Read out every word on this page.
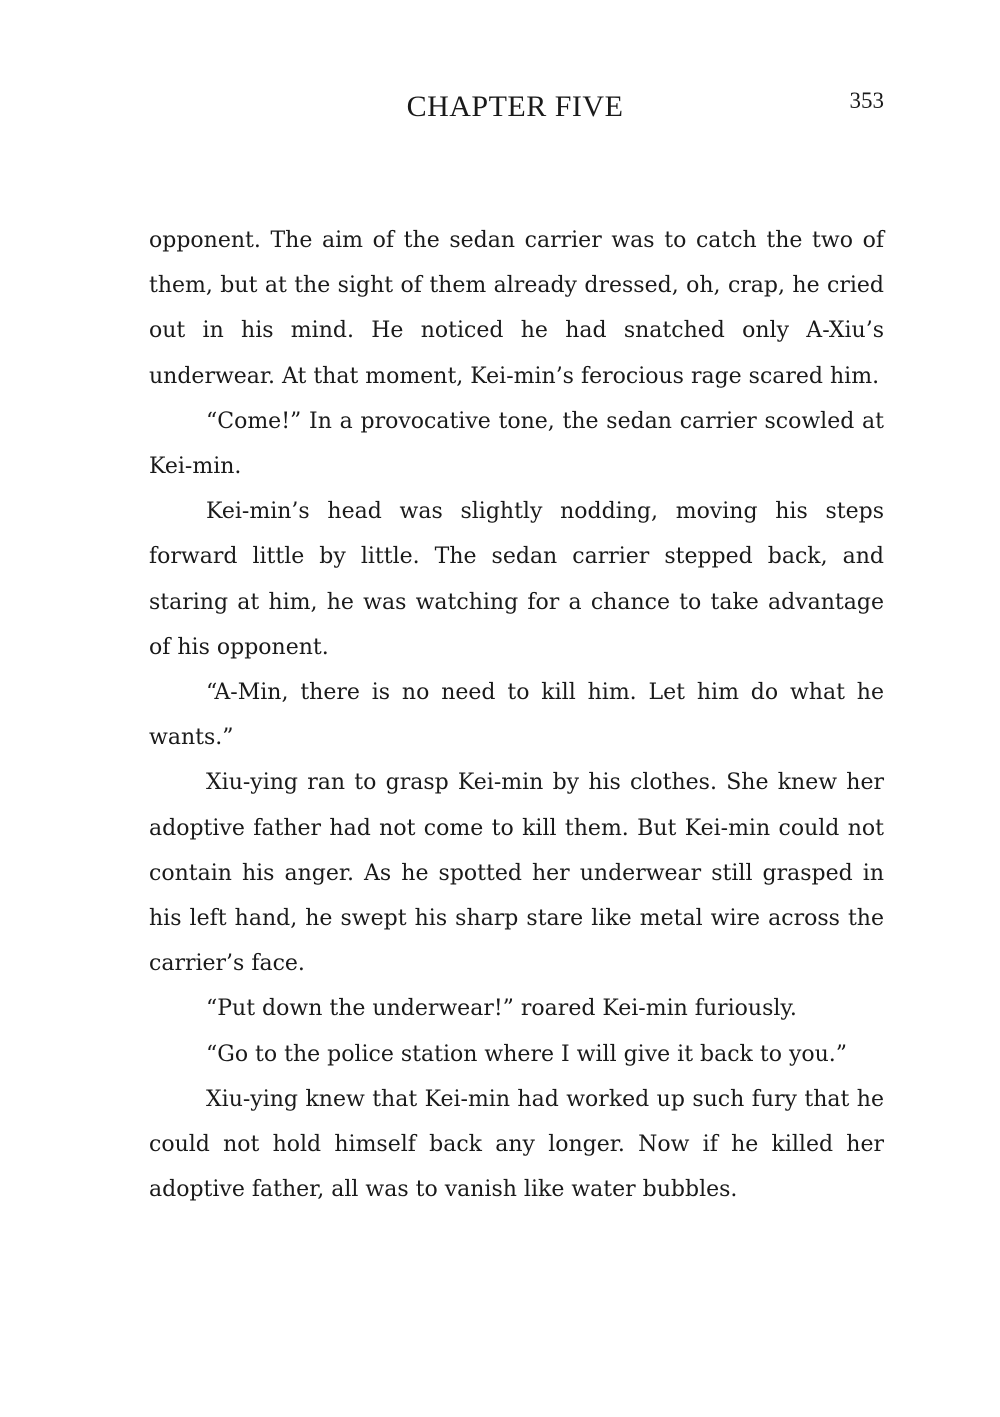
CHAPTER FIVE	353

opponent. The aim of the sedan carrier was to catch the two of them, but at the sight of them already dressed, oh, crap, he cried out in his mind. He noticed he had snatched only A-Xiu’s underwear. At that moment, Kei-min’s ferocious rage scared him.

“Come!” In a provocative tone, the sedan carrier scowled at Kei-min.

Kei-min’s head was slightly nodding, moving his steps forward little by little. The sedan carrier stepped back, and staring at him, he was watching for a chance to take advantage of his opponent.

“A-Min, there is no need to kill him. Let him do what he wants.”

Xiu-ying ran to grasp Kei-min by his clothes. She knew her adoptive father had not come to kill them. But Kei-min could not contain his anger. As he spotted her underwear still grasped in his left hand, he swept his sharp stare like metal wire across the carrier’s face.

“Put down the underwear!” roared Kei-min furiously.

“Go to the police station where I will give it back to you.”

Xiu-ying knew that Kei-min had worked up such fury that he could not hold himself back any longer. Now if he killed her adoptive father, all was to vanish like water bubbles.
